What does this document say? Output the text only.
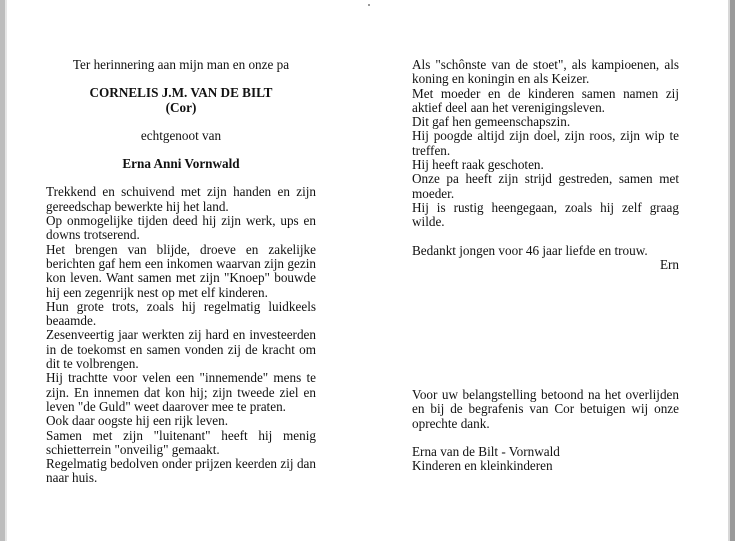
Ter herinnering aan mijn man en onze pa
CORNELIS J.M. VAN DE BILT
(Cor)
echtgenoot van
Erna Anni Vornwald

Trekkend en schuivend met zijn handen en zijn gereedschap bewerkte hij het land.

Op onmogelijke tijden deed hij zijn werk, ups en downs trotserend.

Het brengen van blijde, droeve en zakelijke berichten gaf hem een inkomen waarvan zijn gezin kon leven. Want samen met zijn "Knoep" bouwde hij een zegenrijk nest op met elf kinderen.

Hun grote trots, zoals hij regelmatig luidkeels beaamde.

Zesenveertig jaar werkten zij hard en investeerden in de toekomst en samen vonden zij de kracht om dit te volbrengen.

Hij trachtte voor velen een "innemende" mens te zijn. En innemen dat kon hij; zijn tweede ziel en leven "de Guld" weet daarover mee te praten.

Ook daar oogste hij een rijk leven.

Samen met zijn "luitenant" heeft hij menig schietterrein "onveilig" gemaakt.

Regelmatig bedolven onder prijzen keerden zij dan naar huis.

Als "schônste van de stoet", als kampioenen, als koning en koningin en als Keizer.

Met moeder en de kinderen samen namen zij aktief deel aan het verenigingsleven.

Dit gaf hen gemeenschapszin.

Hij poogde altijd zijn doel, zijn roos, zijn wip te treffen.

Hij heeft raak geschoten.

Onze pa heeft zijn strijd gestreden, samen met moeder.

Hij is rustig heengegaan, zoals hij zelf graag wilde.

Bedankt jongen voor 46 jaar liefde en trouw.
Ern

Voor uw belangstelling betoond na het overlijden en bij de begrafenis van Cor betuigen wij onze oprechte dank.

Erna van de Bilt - Vornwald
Kinderen en kleinkinderen
